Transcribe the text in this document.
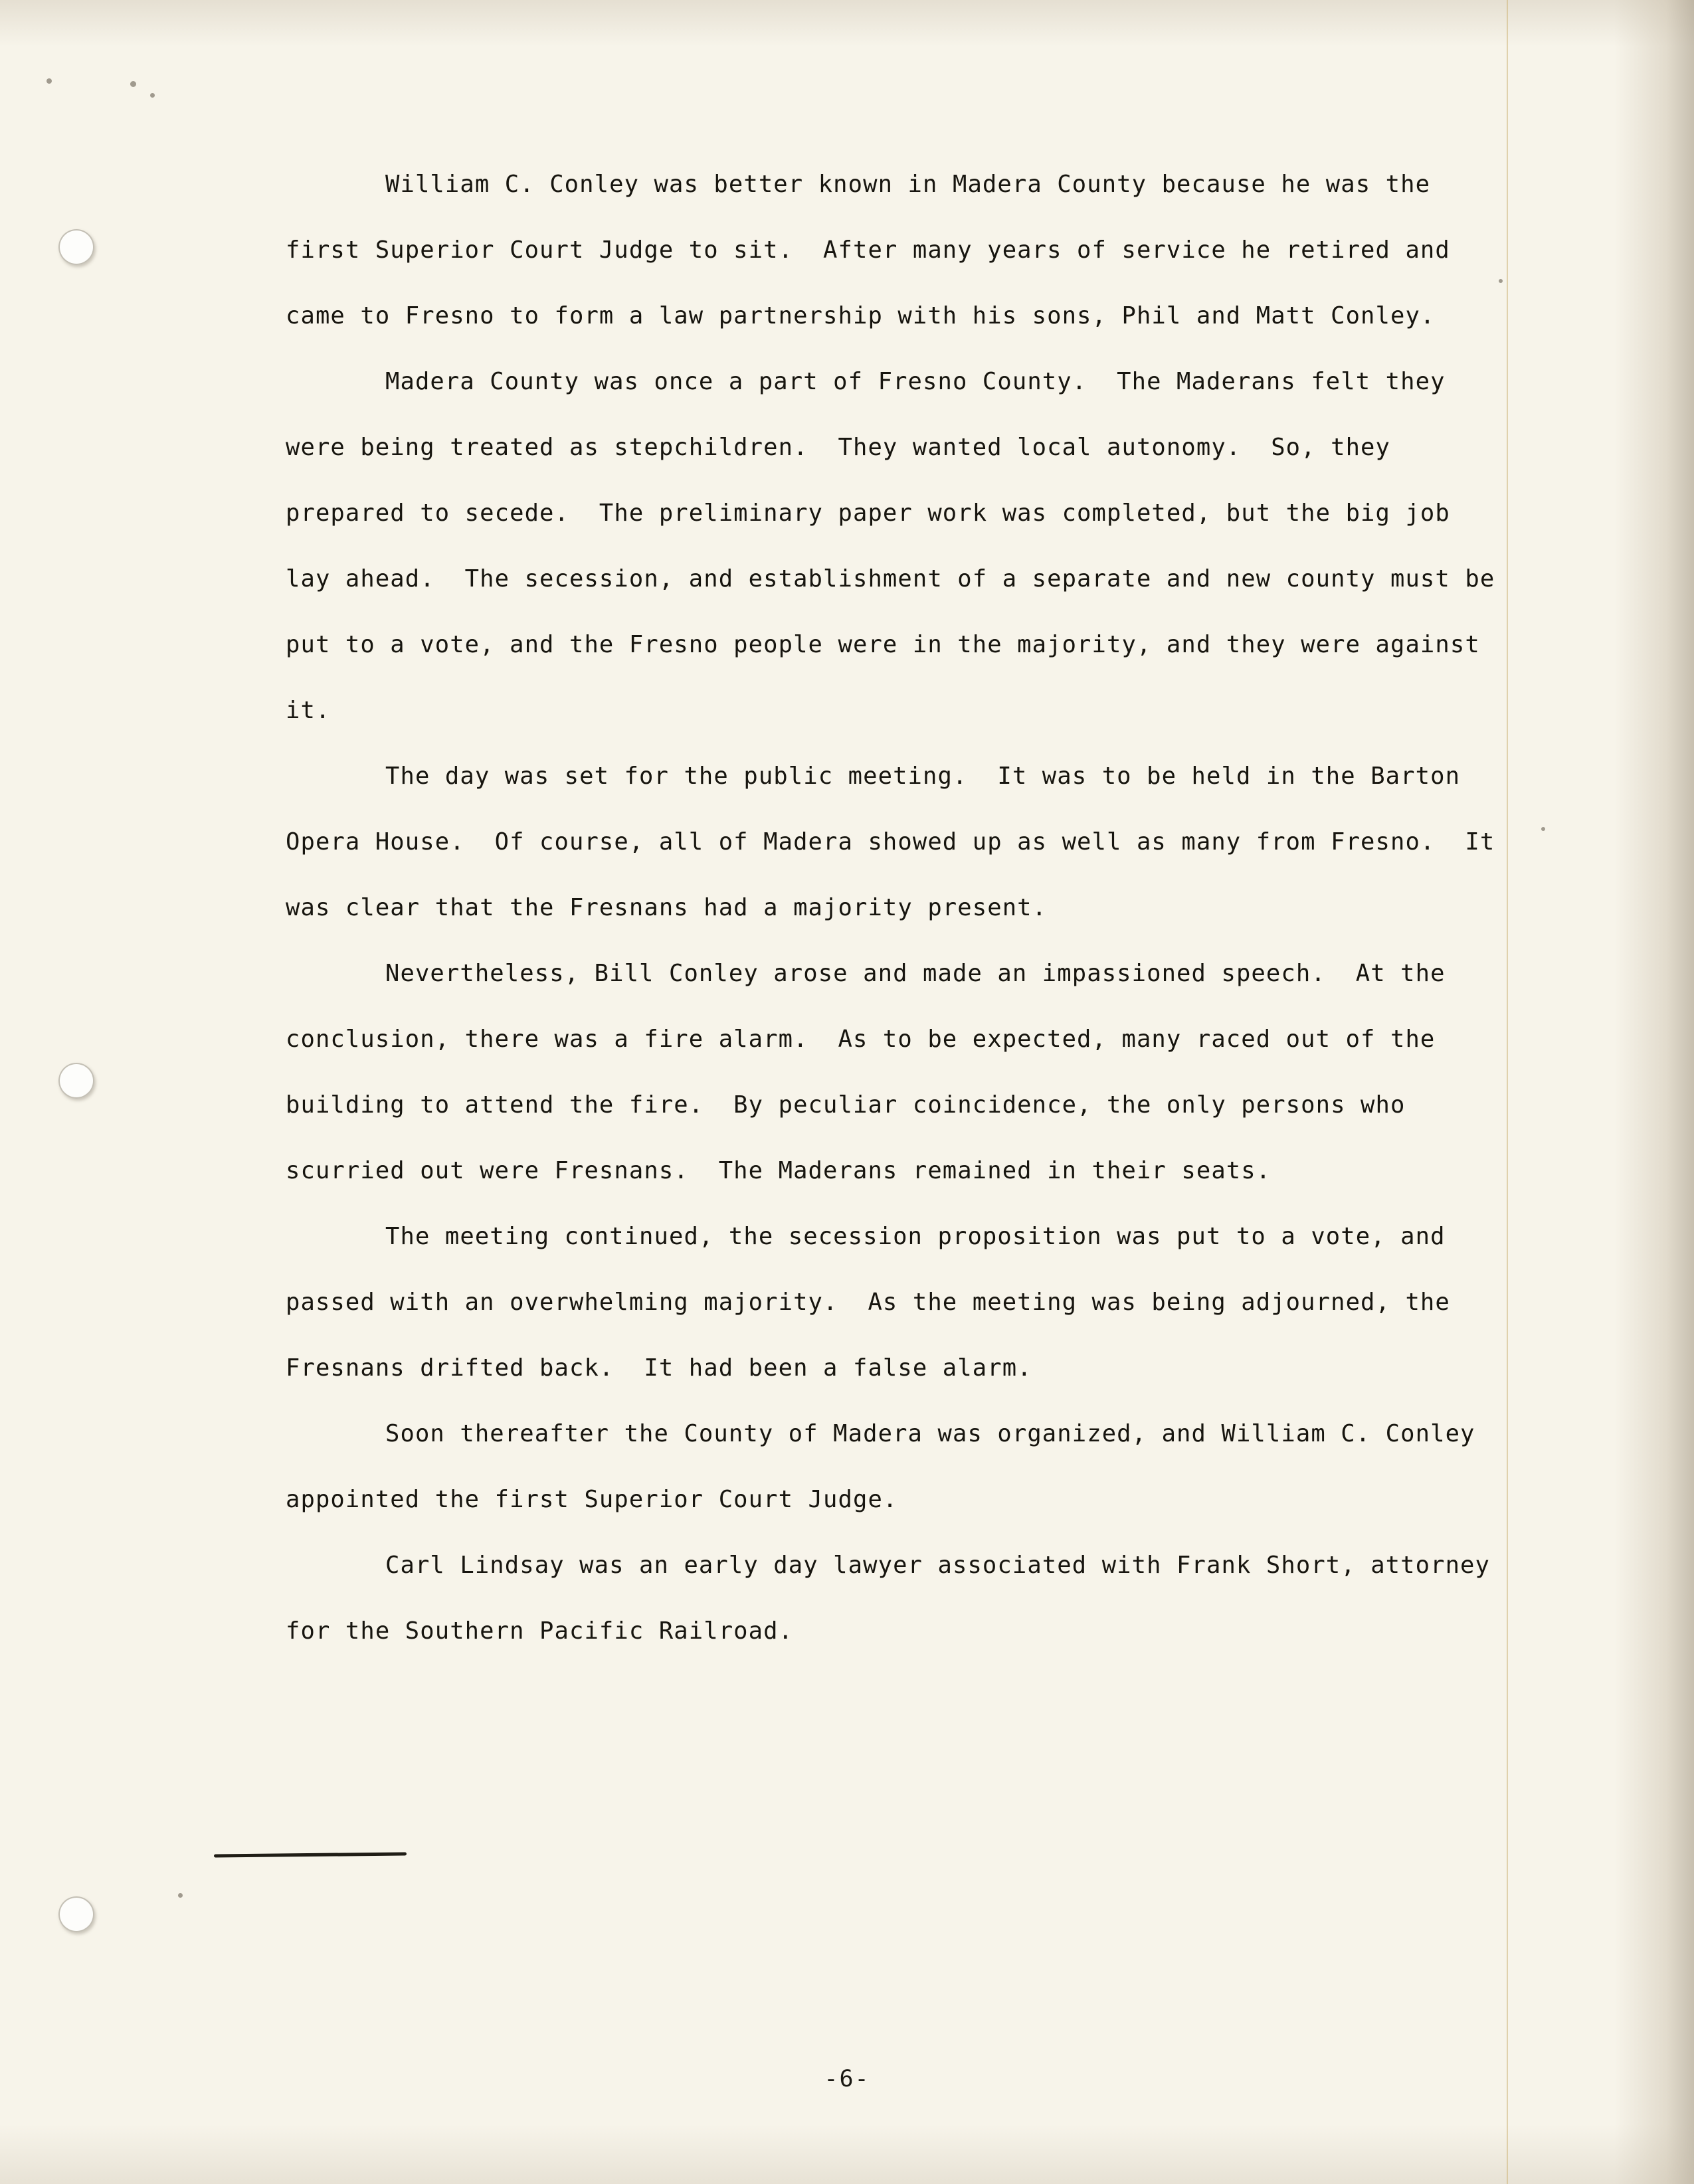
William C. Conley was better known in Madera County because he was the first Superior Court Judge to sit.  After many years of service he retired and came to Fresno to form a law partnership with his sons, Phil and Matt Conley.

Madera County was once a part of Fresno County.  The Maderans felt they were being treated as stepchildren.  They wanted local autonomy.  So, they prepared to secede.  The preliminary paper work was completed, but the big job lay ahead.  The secession, and establishment of a separate and new county must be put to a vote, and the Fresno people were in the majority, and they were against it.

The day was set for the public meeting.  It was to be held in the Barton Opera House.  Of course, all of Madera showed up as well as many from Fresno.  It was clear that the Fresnans had a majority present.

Nevertheless, Bill Conley arose and made an impassioned speech.  At the conclusion, there was a fire alarm.  As to be expected, many raced out of the building to attend the fire.  By peculiar coincidence, the only persons who scurried out were Fresnans.  The Maderans remained in their seats.

The meeting continued, the secession proposition was put to a vote, and passed with an overwhelming majority.  As the meeting was being adjourned, the Fresnans drifted back.  It had been a false alarm.

Soon thereafter the County of Madera was organized, and William C. Conley appointed the first Superior Court Judge.

Carl Lindsay was an early day lawyer associated with Frank Short, attorney for the Southern Pacific Railroad.

-6-
